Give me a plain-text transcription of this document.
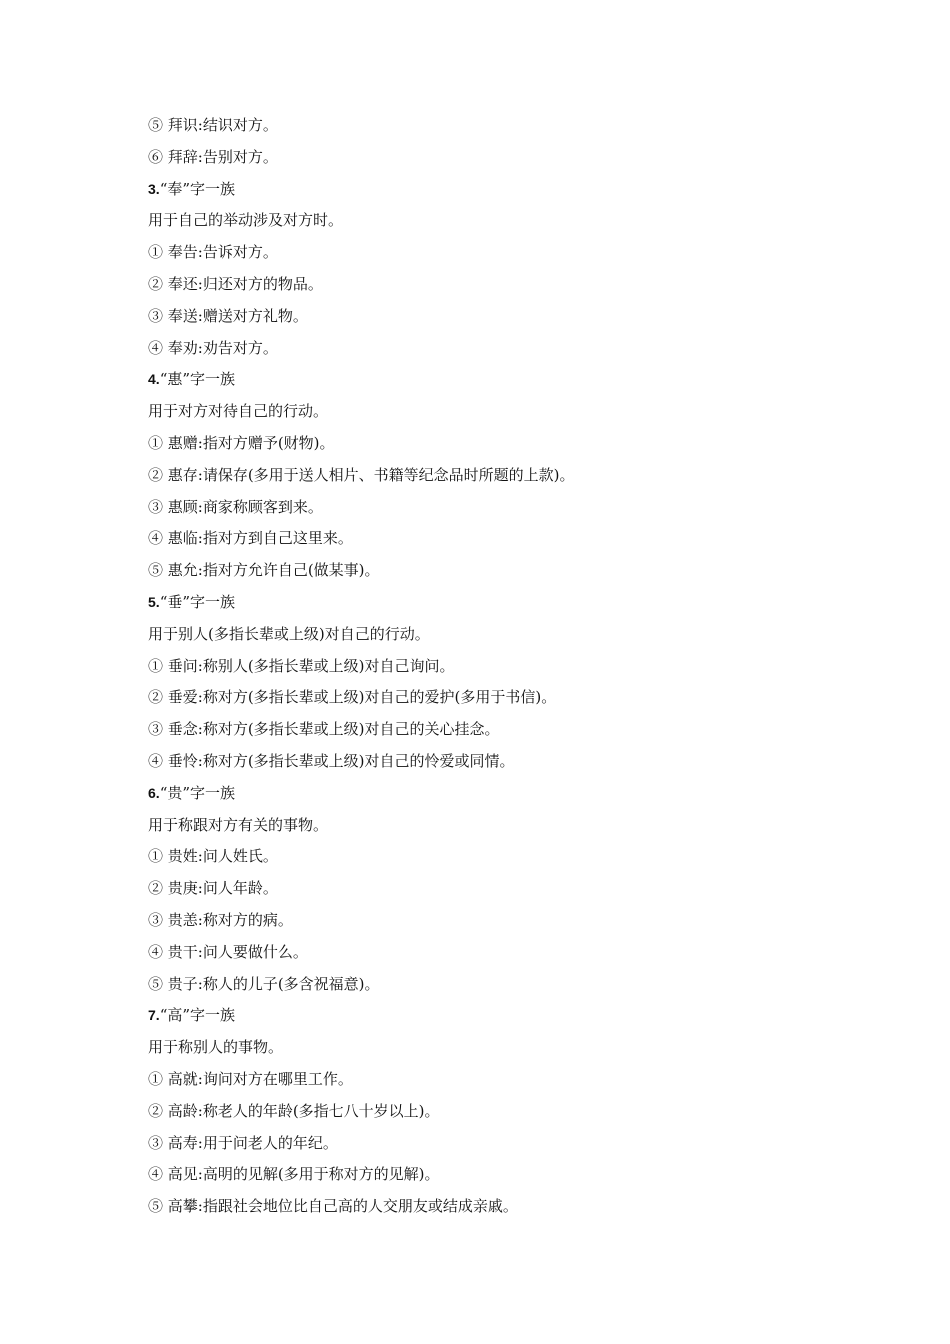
⑤ 拜识:结识对方。
⑥ 拜辞:告别对方。
3.“奉”字一族
用于自己的举动涉及对方时。
① 奉告:告诉对方。
② 奉还:归还对方的物品。
③ 奉送:赠送对方礼物。
④ 奉劝:劝告对方。
4.“惠”字一族
用于对方对待自己的行动。
① 惠赠:指对方赠予(财物)。
② 惠存:请保存(多用于送人相片、书籍等纪念品时所题的上款)。
③ 惠顾:商家称顾客到来。
④ 惠临:指对方到自己这里来。
⑤ 惠允:指对方允许自己(做某事)。
5.“垂”字一族
用于别人(多指长辈或上级)对自己的行动。
① 垂问:称别人(多指长辈或上级)对自己询问。
② 垂爱:称对方(多指长辈或上级)对自己的爱护(多用于书信)。
③ 垂念:称对方(多指长辈或上级)对自己的关心挂念。
④ 垂怜:称对方(多指长辈或上级)对自己的怜爱或同情。
6.“贵”字一族
用于称跟对方有关的事物。
① 贵姓:问人姓氏。
② 贵庚:问人年龄。
③ 贵恙:称对方的病。
④ 贵干:问人要做什么。
⑤ 贵子:称人的儿子(多含祝福意)。
7.“高”字一族
用于称别人的事物。
① 高就:询问对方在哪里工作。
② 高龄:称老人的年龄(多指七八十岁以上)。
③ 高寿:用于问老人的年纪。
④ 高见:高明的见解(多用于称对方的见解)。
⑤ 高攀:指跟社会地位比自己高的人交朋友或结成亲戚。
